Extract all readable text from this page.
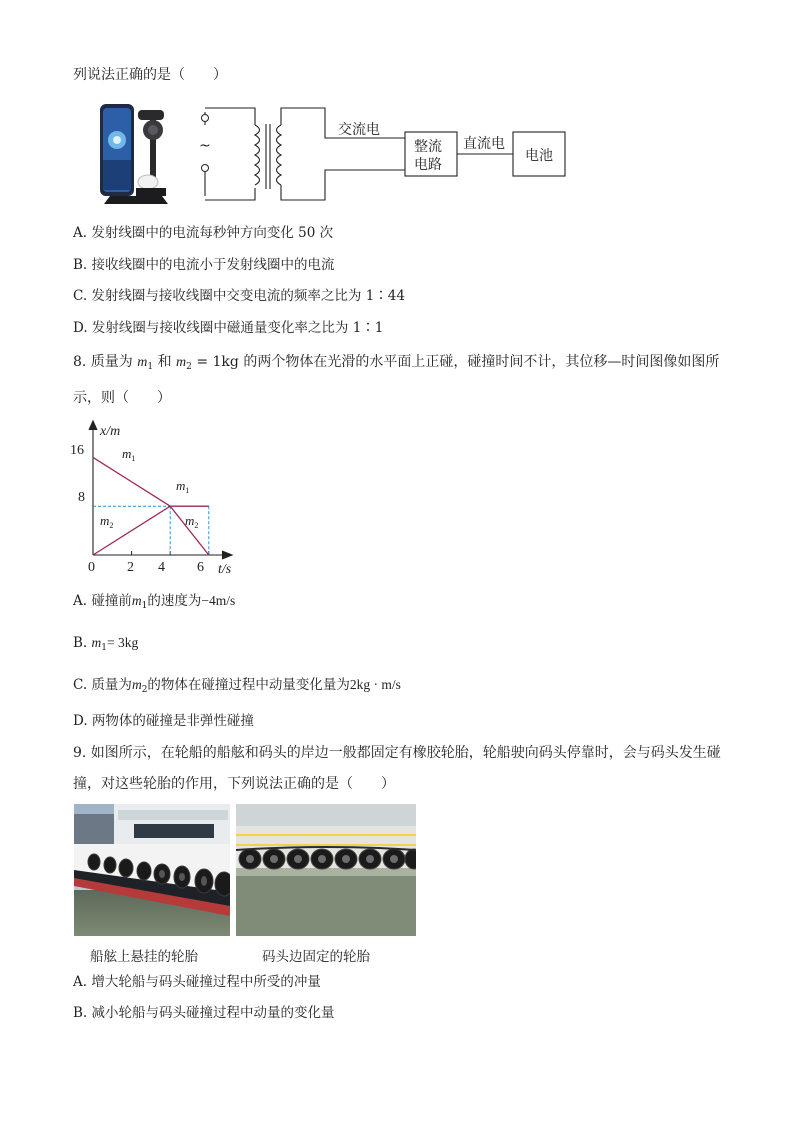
列说法正确的是（　　）
~
交流电
整流
电路
直流电
电池
A. 发射线圈中的电流每秒钟方向变化 50 次
B. 接收线圈中的电流小于发射线圈中的电流
C. 发射线圈与接收线圈中交变电流的频率之比为 1∶44
D. 发射线圈与接收线圈中磁通量变化率之比为 1∶1
8. 质量为 $m_1$ 和 $m_2 = 1kg$ 的两个物体在光滑的水平面上正碰，碰撞时间不计，其位移—时间图像如图所
示，则（　　）
x/m
t/s
16
8
0 2 4 6
$m_1$
$m_1$
$m_2$	$m_2$
A. 碰撞前$m_1$的速度为−4m/s
B. $m_1= 3kg$
C. 质量为$m_2$的物体在碰撞过程中动量变化量为2kg · m/s
D. 两物体的碰撞是非弹性碰撞
9. 如图所示，在轮船的船舷和码头的岸边一般都固定有橡胶轮胎，轮船驶向码头停靠时，会与码头发生碰
撞，对这些轮胎的作用，下列说法正确的是（　　）
船舷上悬挂的轮胎	码头边固定的轮胎
A. 增大轮船与码头碰撞过程中所受的冲量
B. 减小轮船与码头碰撞过程中动量的变化量
